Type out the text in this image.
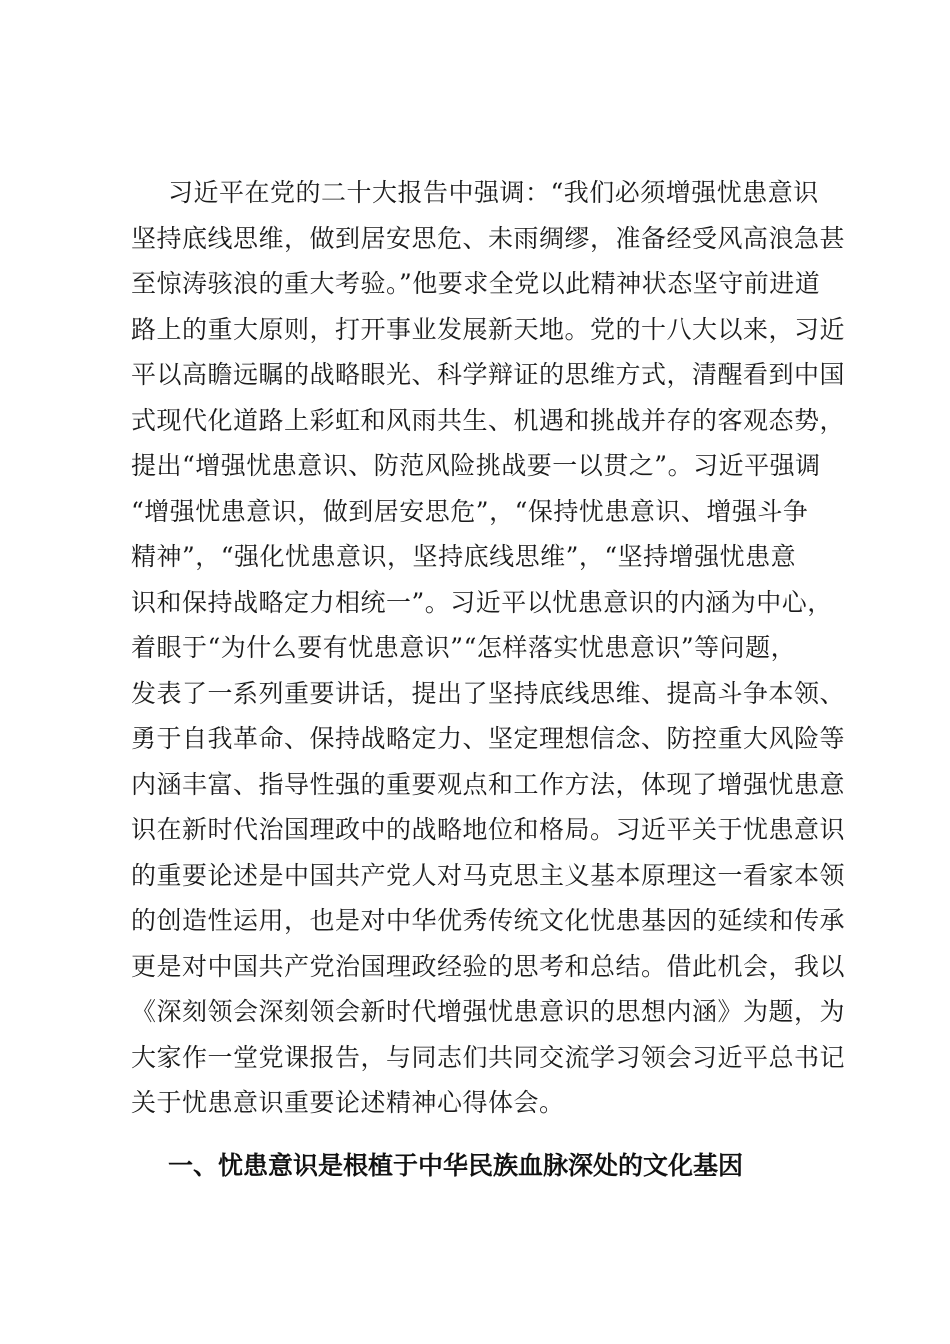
习近平在党的二十大报告中强调：“我们必须增强忧患意识
坚持底线思维，做到居安思危、未雨绸缪，准备经受风高浪急甚
至惊涛骇浪的重大考验。”他要求全党以此精神状态坚守前进道
路上的重大原则，打开事业发展新天地。党的十八大以来，习近
平以高瞻远瞩的战略眼光、科学辩证的思维方式，清醒看到中国
式现代化道路上彩虹和风雨共生、机遇和挑战并存的客观态势，
提出“增强忧患意识、防范风险挑战要一以贯之”。习近平强调
“增强忧患意识，做到居安思危”，“保持忧患意识、增强斗争
精神”，“强化忧患意识，坚持底线思维”，“坚持增强忧患意
识和保持战略定力相统一”。习近平以忧患意识的内涵为中心，
着眼于“为什么要有忧患意识”“怎样落实忧患意识”等问题，
发表了一系列重要讲话，提出了坚持底线思维、提高斗争本领、
勇于自我革命、保持战略定力、坚定理想信念、防控重大风险等
内涵丰富、指导性强的重要观点和工作方法，体现了增强忧患意
识在新时代治国理政中的战略地位和格局。习近平关于忧患意识
的重要论述是中国共产党人对马克思主义基本原理这一看家本领
的创造性运用，也是对中华优秀传统文化忧患基因的延续和传承
更是对中国共产党治国理政经验的思考和总结。借此机会，我以
《深刻领会深刻领会新时代增强忧患意识的思想内涵》为题，为
大家作一堂党课报告，与同志们共同交流学习领会习近平总书记
关于忧患意识重要论述精神心得体会。
一、忧患意识是根植于中华民族血脉深处的文化基因
